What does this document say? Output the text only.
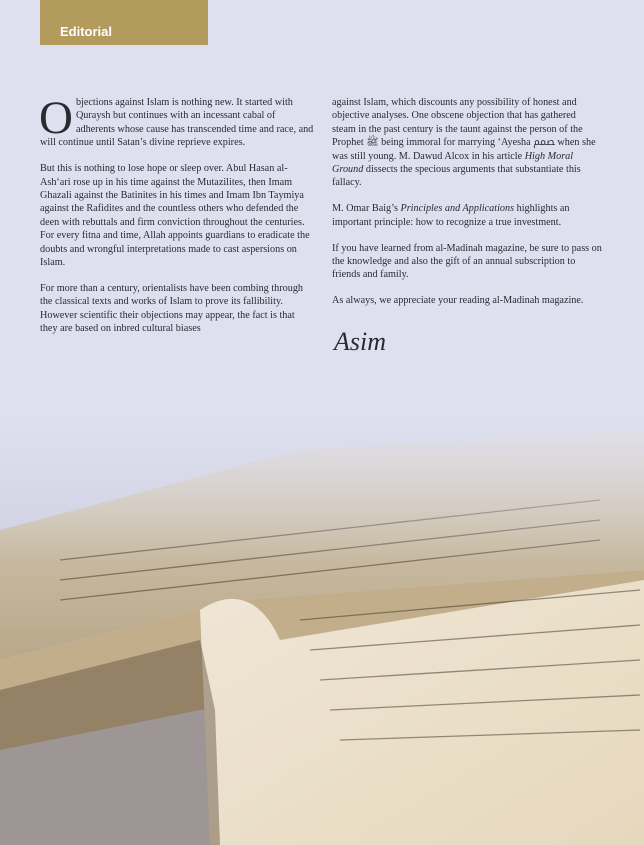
Editorial

Objections against Islam is nothing new. It started with Quraysh but continues with an incessant cabal of adherents whose cause has transcended time and race, and will continue until Satan’s divine reprieve expires.

But this is nothing to lose hope or sleep over. Abul Hasan al-Ash‘ari rose up in his time against the Mutazilites, then Imam Ghazali against the Batinites in his times and Imam Ibn Taymiya against the Rafidites and the countless others who defended the deen with rebuttals and firm conviction throughout the centuries. For every fitna and time, Allah appoints guardians to eradicate the doubts and wrongful interpretations made to cast aspersions on Islam.

For more than a century, orientalists have been combing through the classical texts and works of Islam to prove its fallibility. However scientific their objections may appear, the fact is that they are based on inbred cultural biases

against Islam, which discounts any possibility of honest and objective analyses. One obscene objection that has gathered steam in the past century is the taunt against the person of the Prophet ﷺ being immoral for marrying ‘Ayesha ﵦ when she was still young. M. Dawud Alcox in his article High Moral Ground dissects the specious arguments that substantiate this fallacy.

M. Omar Baig’s Principles and Applications highlights an important principle: how to recognize a true investment.

If you have learned from al-Madinah magazine, be sure to pass on the knowledge and also the gift of an annual subscription to friends and family.

As always, we appreciate your reading al-Madinah magazine.

Asim
